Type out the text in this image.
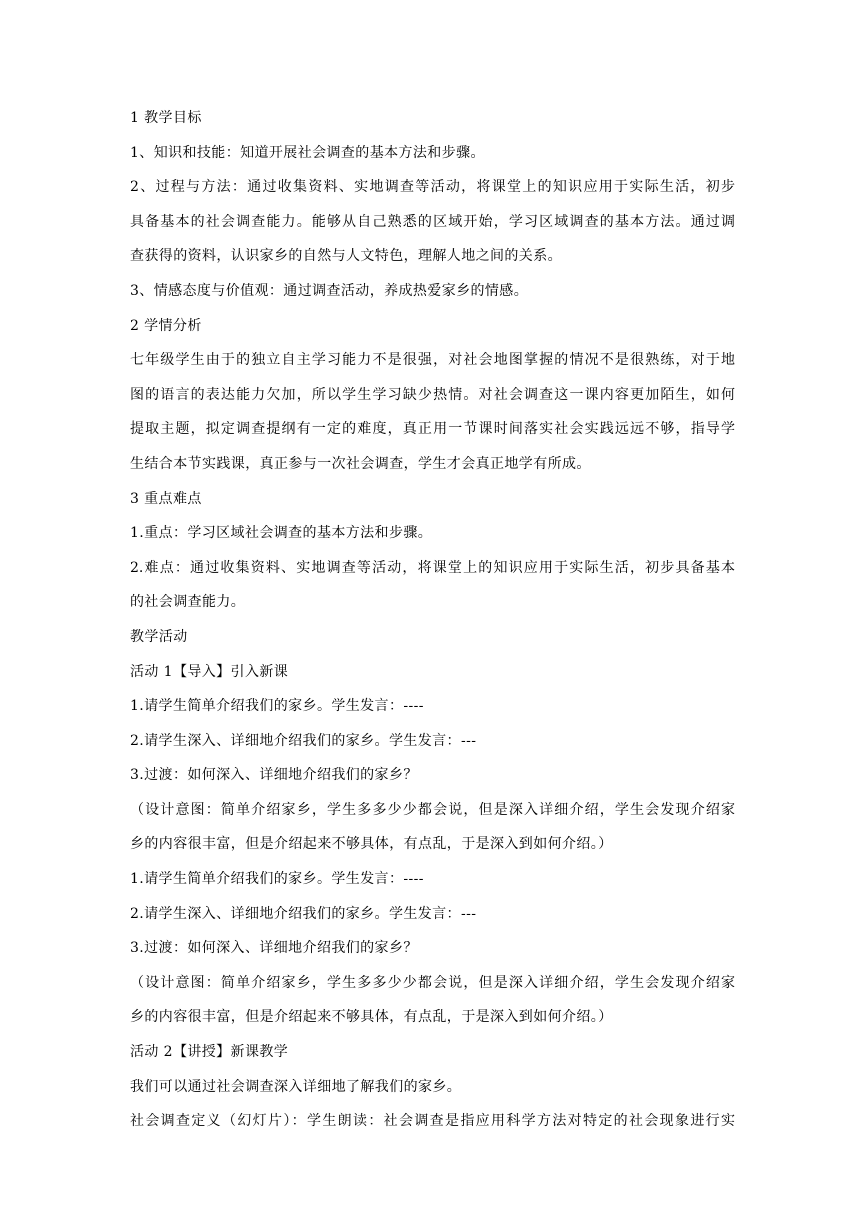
1 教学目标
1、知识和技能：知道开展社会调查的基本方法和步骤。
2、过程与方法：通过收集资料、实地调查等活动，将课堂上的知识应用于实际生活，初步
具备基本的社会调查能力。能够从自己熟悉的区域开始，学习区域调查的基本方法。通过调
查获得的资料，认识家乡的自然与人文特色，理解人地之间的关系。
3、情感态度与价值观：通过调查活动，养成热爱家乡的情感。
2 学情分析
七年级学生由于的独立自主学习能力不是很强，对社会地图掌握的情况不是很熟练，对于地
图的语言的表达能力欠加，所以学生学习缺少热情。对社会调查这一课内容更加陌生，如何
提取主题，拟定调查提纲有一定的难度，真正用一节课时间落实社会实践远远不够，指导学
生结合本节实践课，真正参与一次社会调查，学生才会真正地学有所成。
3 重点难点
1.重点：学习区域社会调查的基本方法和步骤。
2.难点：通过收集资料、实地调查等活动，将课堂上的知识应用于实际生活，初步具备基本
的社会调查能力。
教学活动
活动 1【导入】引入新课
1.请学生简单介绍我们的家乡。学生发言：----
2.请学生深入、详细地介绍我们的家乡。学生发言：---
3.过渡：如何深入、详细地介绍我们的家乡？
（设计意图：简单介绍家乡，学生多多少少都会说，但是深入详细介绍，学生会发现介绍家
乡的内容很丰富，但是介绍起来不够具体，有点乱，于是深入到如何介绍。）
1.请学生简单介绍我们的家乡。学生发言：----
2.请学生深入、详细地介绍我们的家乡。学生发言：---
3.过渡：如何深入、详细地介绍我们的家乡？
（设计意图：简单介绍家乡，学生多多少少都会说，但是深入详细介绍，学生会发现介绍家
乡的内容很丰富，但是介绍起来不够具体，有点乱，于是深入到如何介绍。）
活动 2【讲授】新课教学
我们可以通过社会调查深入详细地了解我们的家乡。
社会调查定义（幻灯片）：学生朗读：社会调查是指应用科学方法对特定的社会现象进行实
